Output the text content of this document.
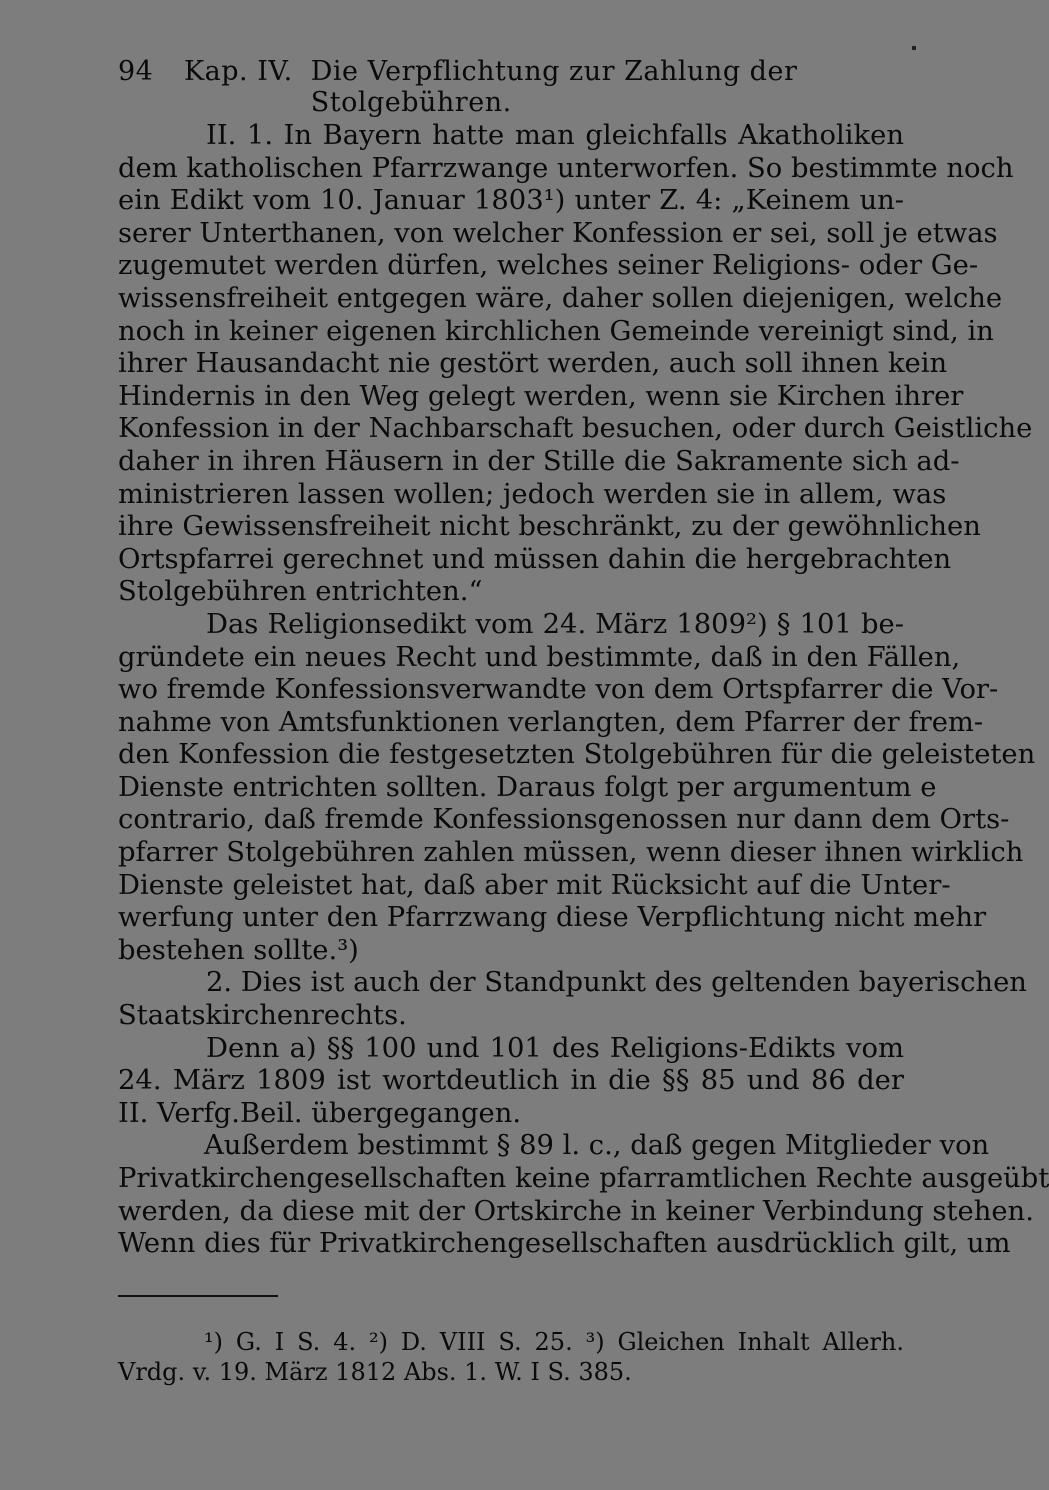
94	Kap. IV. Die Verpflichtung zur Zahlung der Stolgebühren.
II. 1. In Bayern hatte man gleichfalls Akatholiken
dem katholischen Pfarrzwange unterworfen. So bestimmte noch
ein Edikt vom 10. Januar 1803¹) unter Z. 4: „Keinem un-
serer Unterthanen, von welcher Konfession er sei, soll je etwas
zugemutet werden dürfen, welches seiner Religions- oder Ge-
wissensfreiheit entgegen wäre, daher sollen diejenigen, welche
noch in keiner eigenen kirchlichen Gemeinde vereinigt sind, in
ihrer Hausandacht nie gestört werden, auch soll ihnen kein
Hindernis in den Weg gelegt werden, wenn sie Kirchen ihrer
Konfession in der Nachbarschaft besuchen, oder durch Geistliche
daher in ihren Häusern in der Stille die Sakramente sich ad-
ministrieren lassen wollen; jedoch werden sie in allem, was
ihre Gewissensfreiheit nicht beschränkt, zu der gewöhnlichen
Ortspfarrei gerechnet und müssen dahin die hergebrachten
Stolgebühren entrichten.“
Das Religionsedikt vom 24. März 1809²) § 101 be-
gründete ein neues Recht und bestimmte, daß in den Fällen,
wo fremde Konfessionsverwandte von dem Ortspfarrer die Vor-
nahme von Amtsfunktionen verlangten, dem Pfarrer der frem-
den Konfession die festgesetzten Stolgebühren für die geleisteten
Dienste entrichten sollten. Daraus folgt per argumentum e
contrario, daß fremde Konfessionsgenossen nur dann dem Orts-
pfarrer Stolgebühren zahlen müssen, wenn dieser ihnen wirklich
Dienste geleistet hat, daß aber mit Rücksicht auf die Unter-
werfung unter den Pfarrzwang diese Verpflichtung nicht mehr
bestehen sollte.³)
2. Dies ist auch der Standpunkt des geltenden bayerischen
Staatskirchenrechts.
Denn a) §§ 100 und 101 des Religions-Edikts vom
24. März 1809 ist wortdeutlich in die §§ 85 und 86 der
II. Verfg.Beil. übergegangen.
Außerdem bestimmt § 89 l. c., daß gegen Mitglieder von
Privatkirchengesellschaften keine pfarramtlichen Rechte ausgeübt
werden, da diese mit der Ortskirche in keiner Verbindung stehen.
Wenn dies für Privatkirchengesellschaften ausdrücklich gilt, um
¹) G. I S. 4. ²) D. VIII S. 25. ³) Gleichen Inhalt Allerh.
Vrdg. v. 19. März 1812 Abs. 1. W. I S. 385.
